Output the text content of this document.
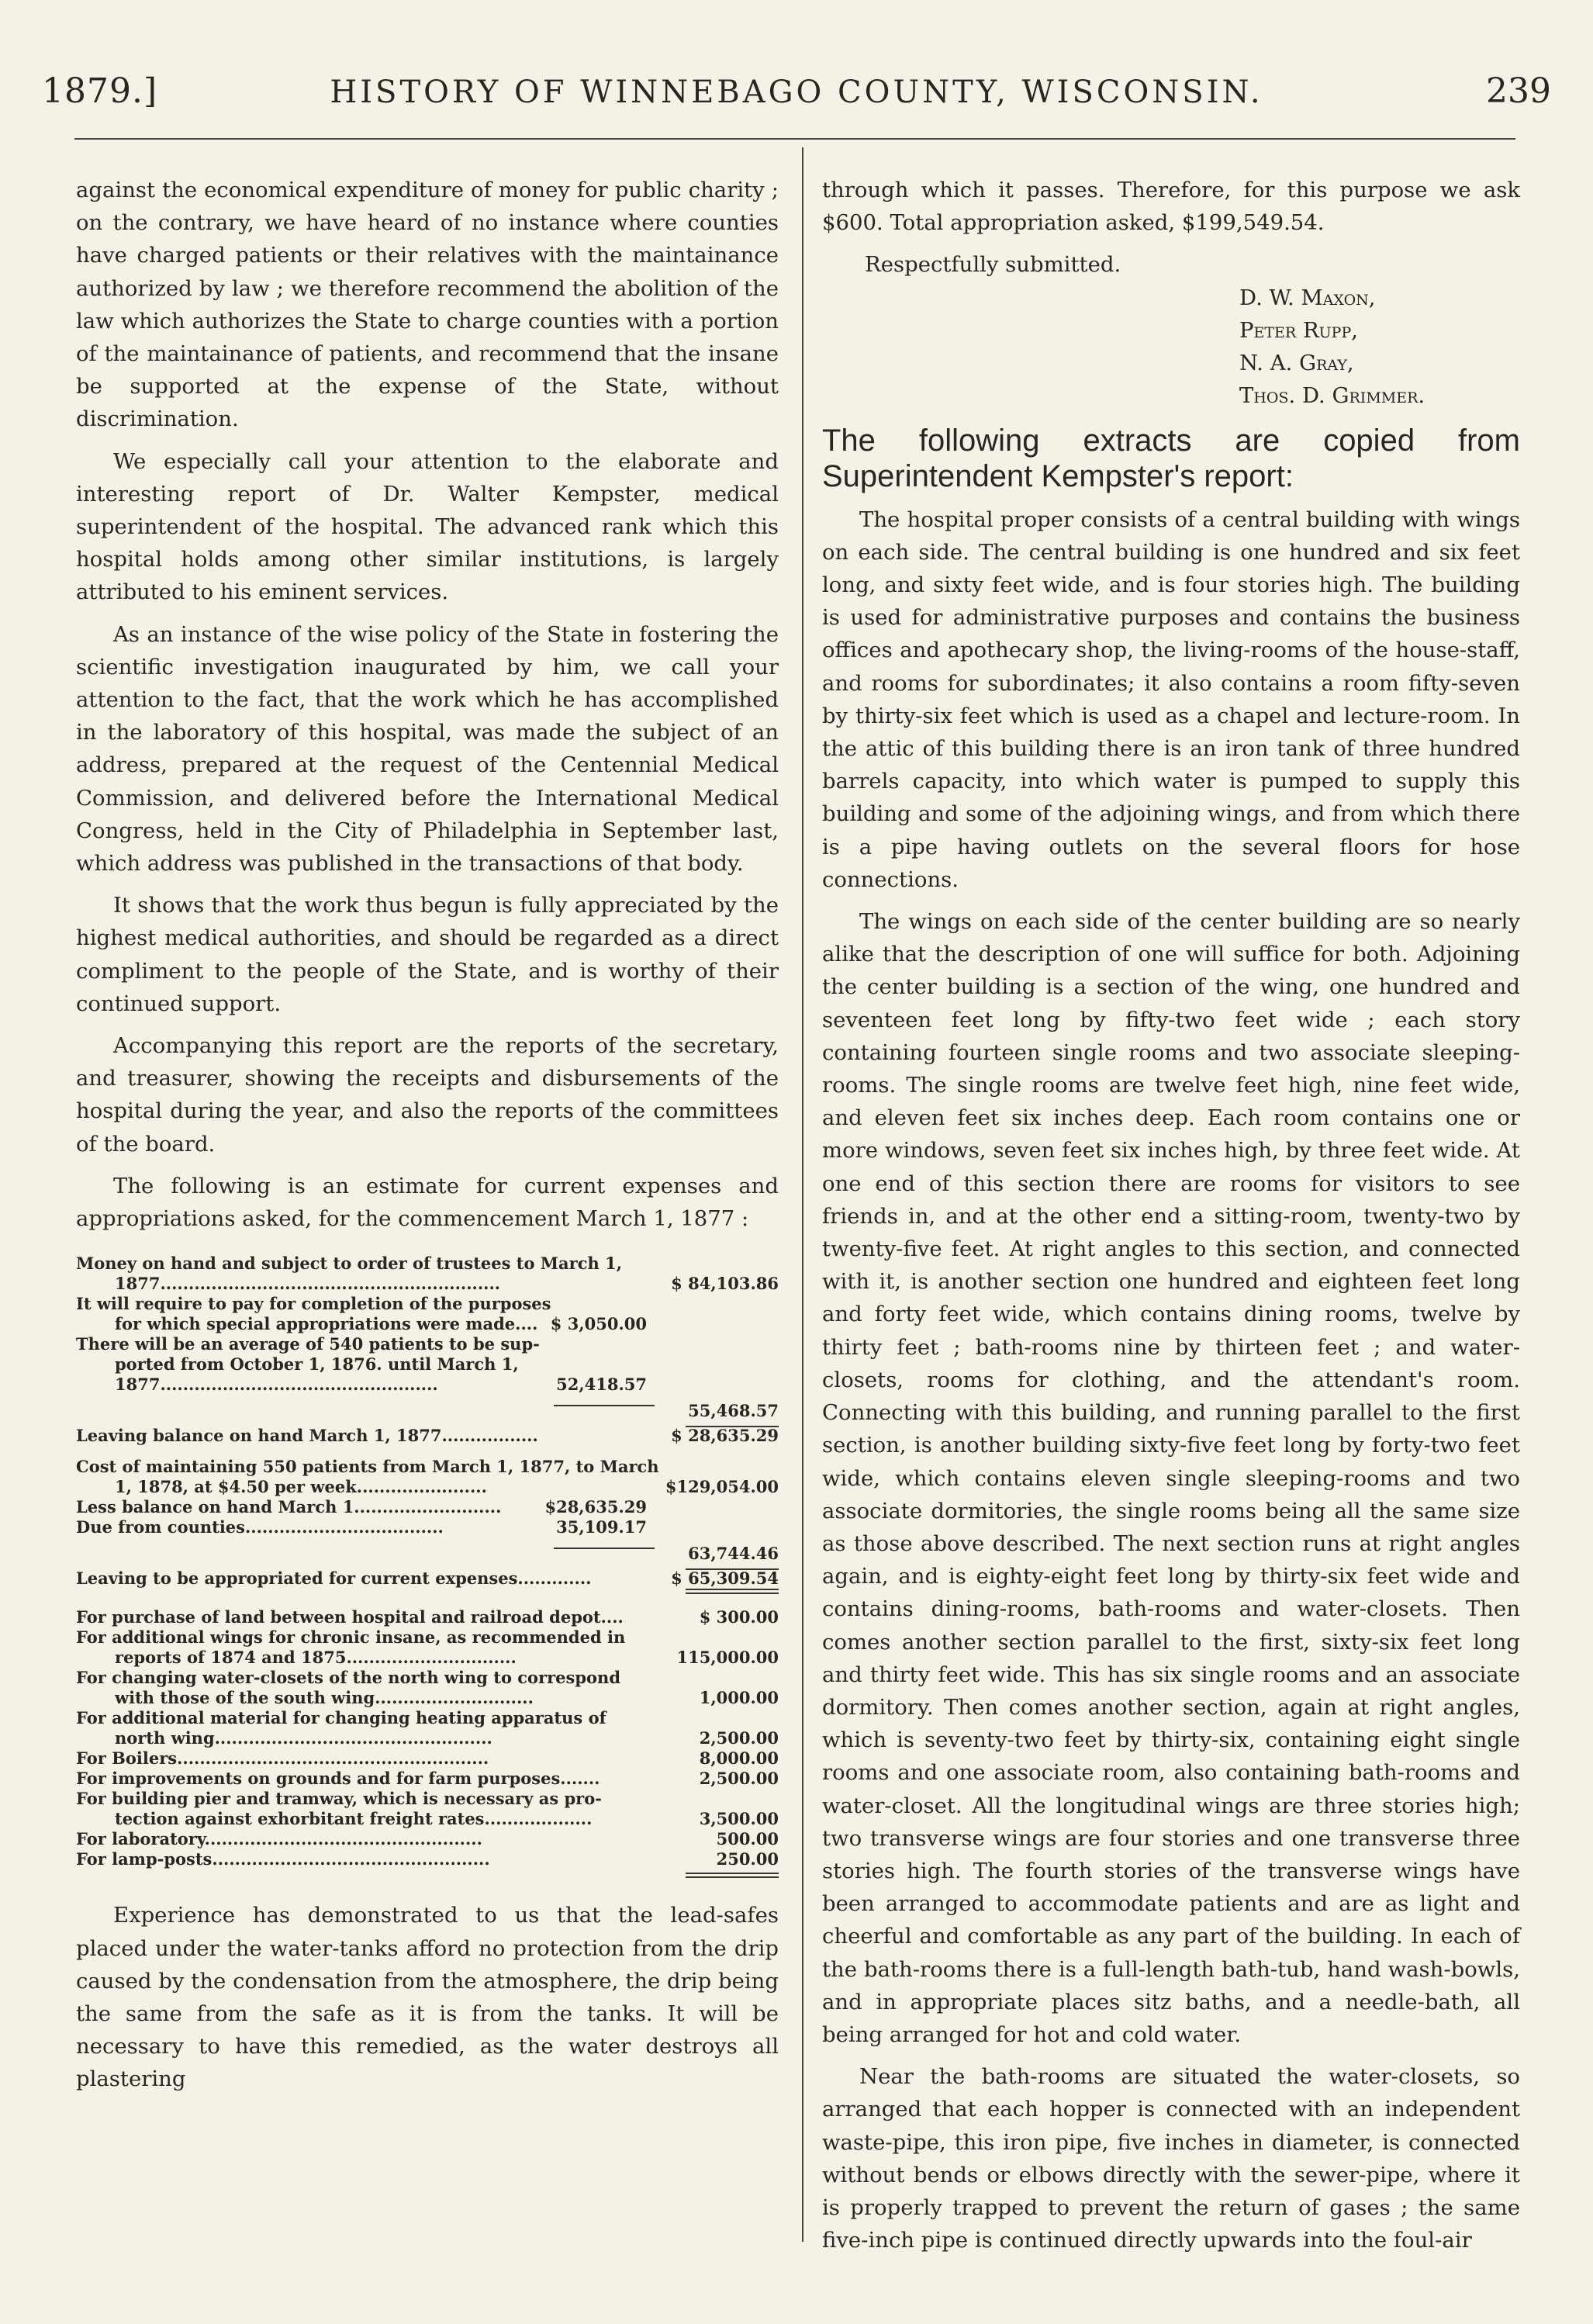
1879.]	HISTORY OF WINNEBAGO COUNTY, WISCONSIN.	239

against the economical expenditure of money for public charity ; on the contrary, we have heard of no instance where counties have charged patients or their relatives with the maintainance authorized by law ; we therefore recommend the abolition of the law which authorizes the State to charge counties with a portion of the maintainance of patients, and recommend that the insane be supported at the expense of the State, without discrimination.

We especially call your attention to the elaborate and interesting report of Dr. Walter Kempster, medical superintendent of the hospital. The advanced rank which this hospital holds among other similar institutions, is largely attributed to his eminent services.

As an instance of the wise policy of the State in fostering the scientific investigation inaugurated by him, we call your attention to the fact, that the work which he has accomplished in the laboratory of this hospital, was made the subject of an address, prepared at the request of the Centennial Medical Commission, and delivered before the International Medical Congress, held in the City of Philadelphia in September last, which address was published in the transactions of that body.

It shows that the work thus begun is fully appreciated by the highest medical authorities, and should be regarded as a direct compliment to the people of the State, and is worthy of their continued support.

Accompanying this report are the reports of the secretary, and treasurer, showing the receipts and disbursements of the hospital during the year, and also the reports of the committees of the board.

The following is an estimate for current expenses and appropriations asked, for the commencement March 1, 1877 :

Money on hand and subject to order of trustees to March 1,
1877............................................................	$ 84,103.86
It will require to pay for completion of the purposes
for which special appropriations were made.... $ 3,050.00
There will be an average of 540 patients to be sup-
ported from October 1, 1876. until March 1,
1877.................................................	52,418.57
55,468.57
Leaving balance on hand March 1, 1877.................	$ 28,635.29
Cost of maintaining 550 patients from March 1, 1877, to March
1, 1878, at $4.50 per week.......................	$129,054.00
Less balance on hand March 1..........................	$28,635.29
Due from counties...................................	35,109.17
63,744.46
Leaving to be appropriated for current expenses.............	$ 65,309.54
For purchase of land between hospital and railroad depot....	$ 300.00
For additional wings for chronic insane, as recommended in
reports of 1874 and 1875..............................	115,000.00
For changing water-closets of the north wing to correspond
with those of the south wing............................	1,000.00
For additional material for changing heating apparatus of
north wing.................................................	2,500.00
For Boilers.......................................................	8,000.00
For improvements on grounds and for farm purposes.......	2,500.00
For building pier and tramway, which is necessary as pro-
tection against exhorbitant freight rates...................	3,500.00
For laboratory.................................................	500.00
For lamp-posts.................................................	250.00

Experience has demonstrated to us that the lead-safes placed under the water-tanks afford no protection from the drip caused by the condensation from the atmosphere, the drip being the same from the safe as it is from the tanks. It will be necessary to have this remedied, as the water destroys all plastering

through which it passes. Therefore, for this purpose we ask $600. Total appropriation asked, $199,549.54.

Respectfully submitted.
D. W. Maxon,
Peter Rupp,
N. A. Gray,
Thos. D. Grimmer.
The following extracts are copied from Superintendent Kempster's report:

The hospital proper consists of a central building with wings on each side. The central building is one hundred and six feet long, and sixty feet wide, and is four stories high. The building is used for administrative purposes and contains the business offices and apothecary shop, the living-rooms of the house-staff, and rooms for subordinates; it also contains a room fifty-seven by thirty-six feet which is used as a chapel and lecture-room. In the attic of this building there is an iron tank of three hundred barrels capacity, into which water is pumped to supply this building and some of the adjoining wings, and from which there is a pipe having outlets on the several floors for hose connections.

The wings on each side of the center building are so nearly alike that the description of one will suffice for both. Adjoining the center building is a section of the wing, one hundred and seventeen feet long by fifty-two feet wide ; each story containing fourteen single rooms and two associate sleeping-rooms. The single rooms are twelve feet high, nine feet wide, and eleven feet six inches deep. Each room contains one or more windows, seven feet six inches high, by three feet wide. At one end of this section there are rooms for visitors to see friends in, and at the other end a sitting-room, twenty-two by twenty-five feet. At right angles to this section, and connected with it, is another section one hundred and eighteen feet long and forty feet wide, which contains dining rooms, twelve by thirty feet ; bath-rooms nine by thirteen feet ; and water-closets, rooms for clothing, and the attendant's room. Connecting with this building, and running parallel to the first section, is another building sixty-five feet long by forty-two feet wide, which contains eleven single sleeping-rooms and two associate dormitories, the single rooms being all the same size as those above described. The next section runs at right angles again, and is eighty-eight feet long by thirty-six feet wide and contains dining-rooms, bath-rooms and water-closets. Then comes another section parallel to the first, sixty-six feet long and thirty feet wide. This has six single rooms and an associate dormitory. Then comes another section, again at right angles, which is seventy-two feet by thirty-six, containing eight single rooms and one associate room, also containing bath-rooms and water-closet. All the longitudinal wings are three stories high; two transverse wings are four stories and one transverse three stories high. The fourth stories of the transverse wings have been arranged to accommodate patients and are as light and cheerful and comfortable as any part of the building. In each of the bath-rooms there is a full-length bath-tub, hand wash-bowls, and in appropriate places sitz baths, and a needle-bath, all being arranged for hot and cold water.

Near the bath-rooms are situated the water-closets, so arranged that each hopper is connected with an independent waste-pipe, this iron pipe, five inches in diameter, is connected without bends or elbows directly with the sewer-pipe, where it is properly trapped to prevent the return of gases ; the same five-inch pipe is continued directly upwards into the foul-air
